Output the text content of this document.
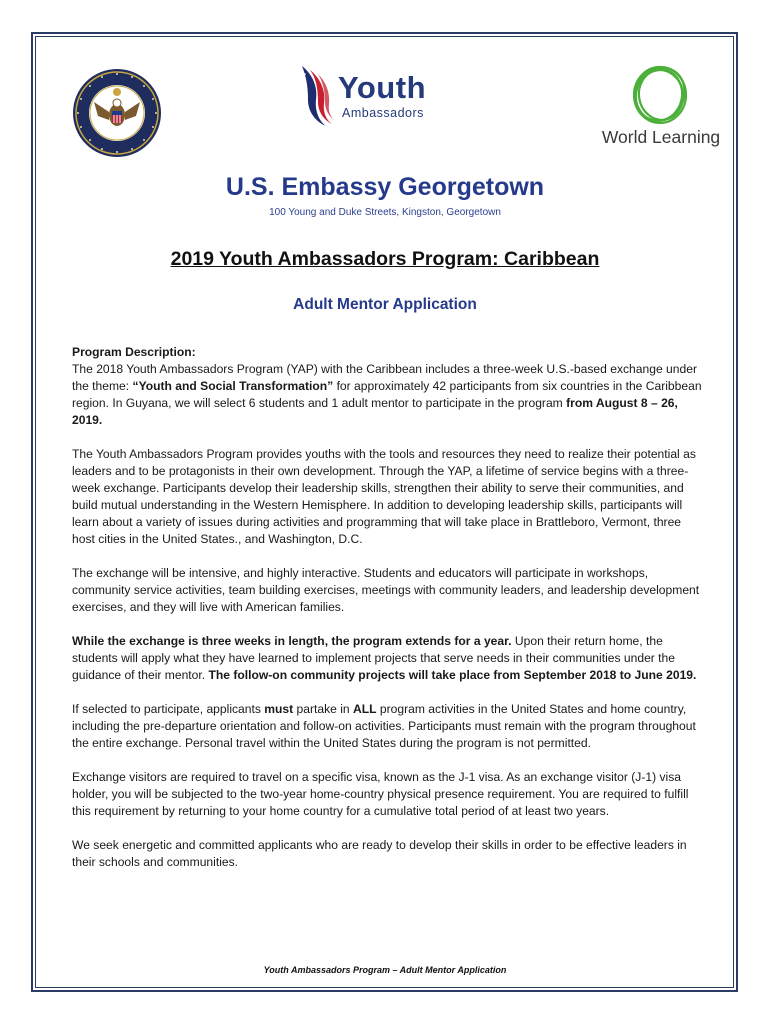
Youth
Ambassadors
World Learning
U.S. Embassy Georgetown
100 Young and Duke Streets, Kingston, Georgetown
2019 Youth Ambassadors Program: Caribbean
Adult Mentor Application

Program Description:
The 2018 Youth Ambassadors Program (YAP) with the Caribbean includes a three-week U.S.-based exchange under the theme: “Youth and Social Transformation” for approximately 42 participants from six countries in the Caribbean region. In Guyana, we will select 6 students and 1 adult mentor to participate in the program from August 8 – 26, 2019.

The Youth Ambassadors Program provides youths with the tools and resources they need to realize their potential as leaders and to be protagonists in their own development. Through the YAP, a lifetime of service begins with a three-week exchange. Participants develop their leadership skills, strengthen their ability to serve their communities, and build mutual understanding in the Western Hemisphere. In addition to developing leadership skills, participants will learn about a variety of issues during activities and programming that will take place in Brattleboro, Vermont, three host cities in the United States., and Washington, D.C.

The exchange will be intensive, and highly interactive. Students and educators will participate in workshops, community service activities, team building exercises, meetings with community leaders, and leadership development exercises, and they will live with American families.

While the exchange is three weeks in length, the program extends for a year. Upon their return home, the students will apply what they have learned to implement projects that serve needs in their communities under the guidance of their mentor. The follow-on community projects will take place from September 2018 to June 2019.

If selected to participate, applicants must partake in ALL program activities in the United States and home country, including the pre-departure orientation and follow-on activities. Participants must remain with the program throughout the entire exchange. Personal travel within the United States during the program is not permitted.

Exchange visitors are required to travel on a specific visa, known as the J-1 visa. As an exchange visitor (J-1) visa holder, you will be subjected to the two-year home-country physical presence requirement. You are required to fulfill this requirement by returning to your home country for a cumulative total period of at least two years.

We seek energetic and committed applicants who are ready to develop their skills in order to be effective leaders in their schools and communities.

Youth Ambassadors Program – Adult Mentor Application
